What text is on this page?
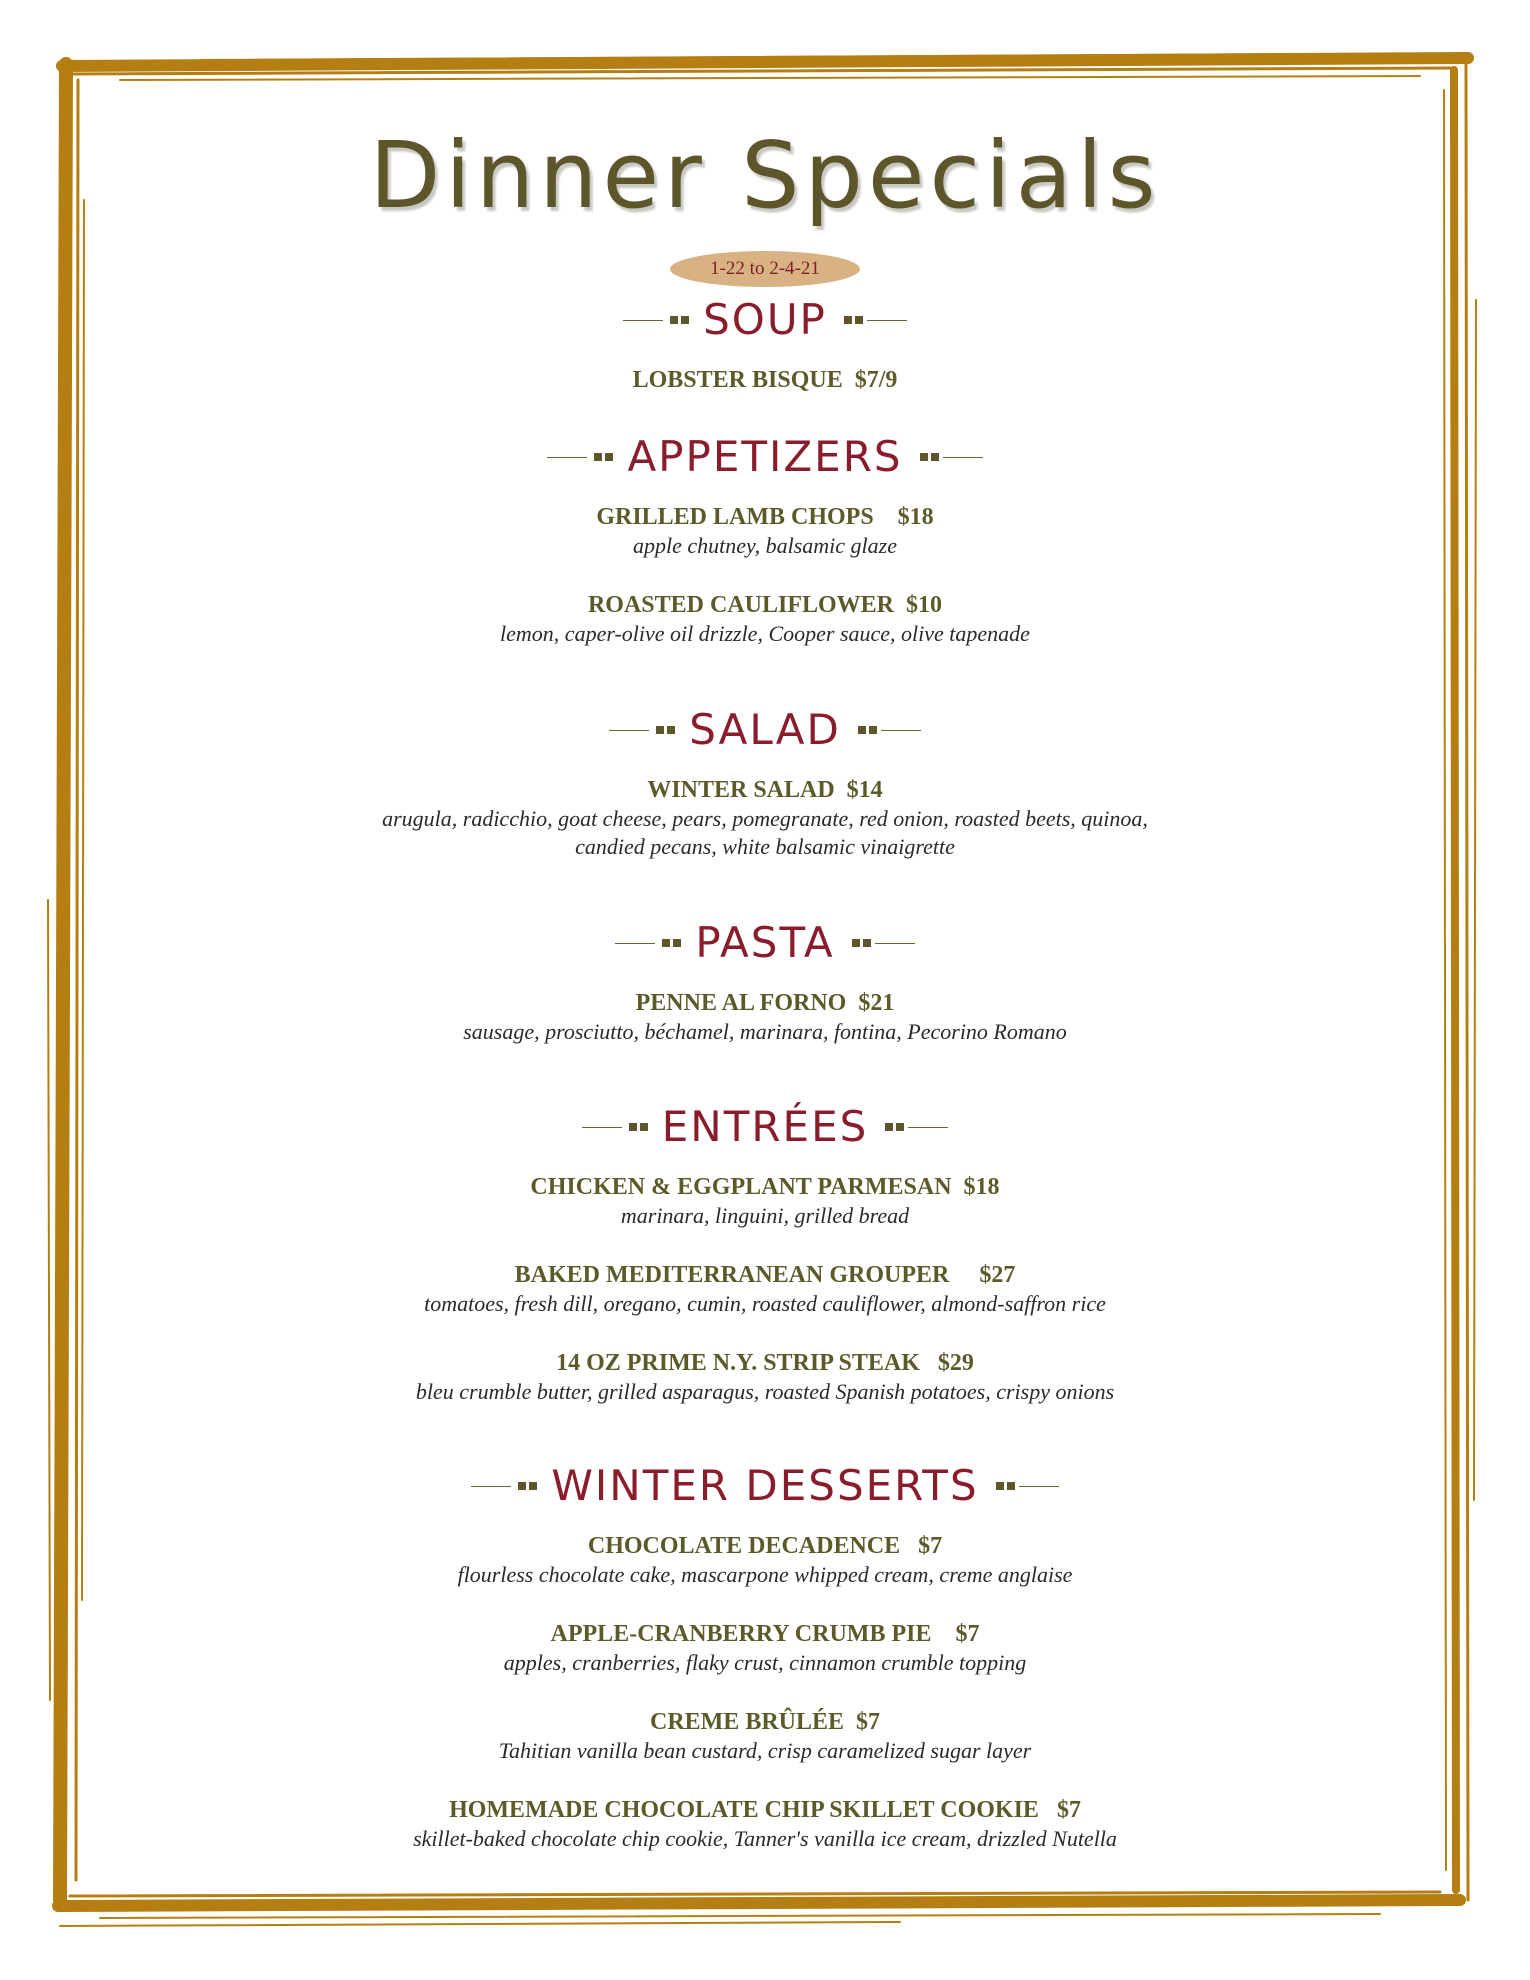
Dinner Specials
1-22 to 2-4-21
SOUP
LOBSTER BISQUE  $7/9
APPETIZERS
GRILLED LAMB CHOPS    $18
apple chutney, balsamic glaze
ROASTED CAULIFLOWER  $10
lemon, caper-olive oil drizzle, Cooper sauce, olive tapenade
SALAD
WINTER SALAD  $14
arugula, radicchio, goat cheese, pears, pomegranate, red onion, roasted beets, quinoa,
candied pecans, white balsamic vinaigrette
PASTA
PENNE AL FORNO  $21
sausage, prosciutto, béchamel, marinara, fontina, Pecorino Romano
ENTRÉES
CHICKEN & EGGPLANT PARMESAN  $18
marinara, linguini, grilled bread
BAKED MEDITERRANEAN GROUPER     $27
tomatoes, fresh dill, oregano, cumin, roasted cauliflower, almond-saffron rice
14 OZ PRIME N.Y. STRIP STEAK   $29
bleu crumble butter, grilled asparagus, roasted Spanish potatoes, crispy onions
WINTER DESSERTS
CHOCOLATE DECADENCE   $7
flourless chocolate cake, mascarpone whipped cream, creme anglaise
APPLE-CRANBERRY CRUMB PIE    $7
apples, cranberries, flaky crust, cinnamon crumble topping
CREME BRÛLÉE  $7
Tahitian vanilla bean custard, crisp caramelized sugar layer
HOMEMADE CHOCOLATE CHIP SKILLET COOKIE   $7
skillet-baked chocolate chip cookie, Tanner's vanilla ice cream, drizzled Nutella
